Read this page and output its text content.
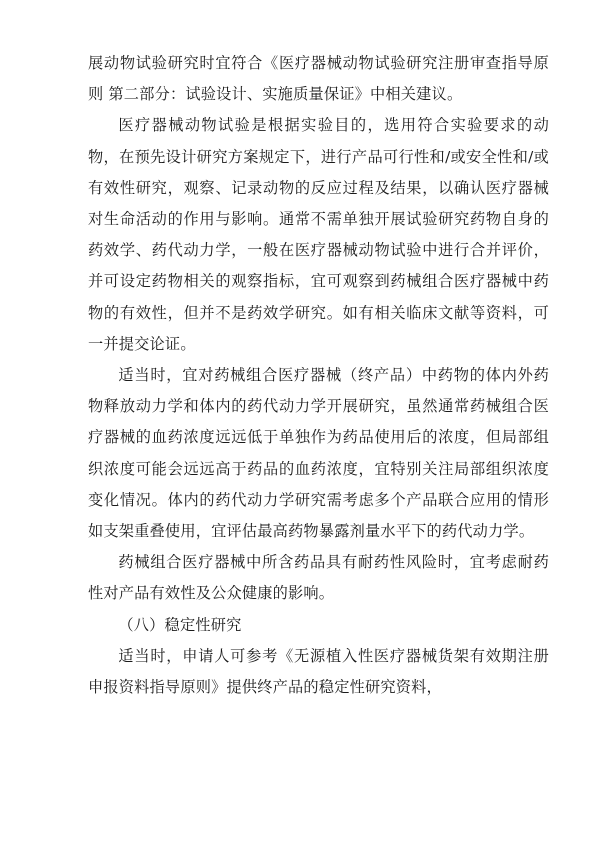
展动物试验研究时宜符合《医疗器械动物试验研究注册审查指导原则 第二部分：试验设计、实施质量保证》中相关建议。

医疗器械动物试验是根据实验目的，选用符合实验要求的动物，在预先设计研究方案规定下，进行产品可行性和/或安全性和/或有效性研究，观察、记录动物的反应过程及结果，以确认医疗器械对生命活动的作用与影响。通常不需单独开展试验研究药物自身的药效学、药代动力学，一般在医疗器械动物试验中进行合并评价，并可设定药物相关的观察指标，宜可观察到药械组合医疗器械中药物的有效性，但并不是药效学研究。如有相关临床文献等资料，可一并提交论证。

适当时，宜对药械组合医疗器械（终产品）中药物的体内外药物释放动力学和体内的药代动力学开展研究，虽然通常药械组合医疗器械的血药浓度远远低于单独作为药品使用后的浓度，但局部组织浓度可能会远远高于药品的血药浓度，宜特别关注局部组织浓度变化情况。体内的药代动力学研究需考虑多个产品联合应用的情形如支架重叠使用，宜评估最高药物暴露剂量水平下的药代动力学。

药械组合医疗器械中所含药品具有耐药性风险时，宜考虑耐药性对产品有效性及公众健康的影响。

（八）稳定性研究

适当时，申请人可参考《无源植入性医疗器械货架有效期注册申报资料指导原则》提供终产品的稳定性研究资料，
